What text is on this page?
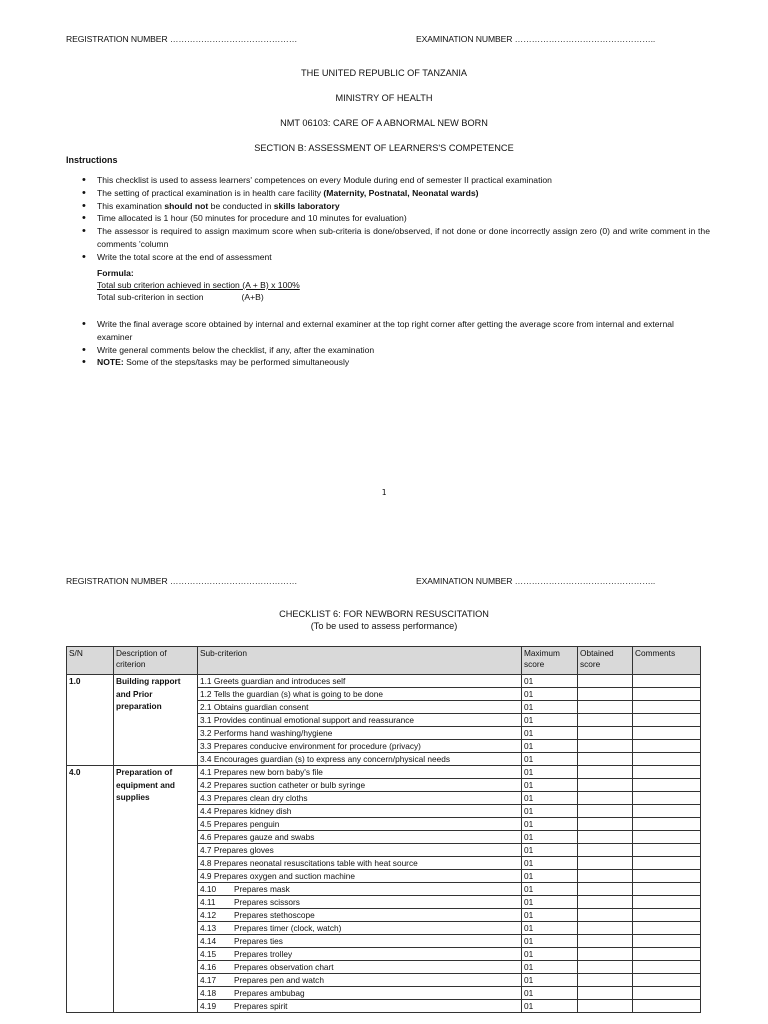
REGISTRATION NUMBER ………………………………………	EXAMINATION NUMBER …………………………………………..
THE UNITED REPUBLIC OF TANZANIA
MINISTRY OF HEALTH
NMT 06103: CARE OF A ABNORMAL NEW BORN
SECTION B: ASSESSMENT OF LEARNERS'S COMPETENCE
Instructions
• This checklist is used to assess learners' competences on every Module during end of semester II practical examination
• The setting of practical examination is in health care facility (Maternity, Postnatal, Neonatal wards)
• This examination should not be conducted in skills laboratory
• Time allocated is 1 hour (50 minutes for procedure and 10 minutes for evaluation)
• The assessor is required to assign maximum score when sub-criteria is done/observed, if not done or done incorrectly assign zero (0) and write comment in the comments 'column
• Write the total score at the end of assessment
Formula:
Total sub criterion achieved in section (A + B) x 100%
Total sub-criterion in section	(A+B)
• Write the final average score obtained by internal and external examiner at the top right corner after getting the average score from internal and external examiner
• Write general comments below the checklist, if any, after the examination
• NOTE: Some of the steps/tasks may be performed simultaneously
1
REGISTRATION NUMBER ………………………………………	EXAMINATION NUMBER …………………………………………..
CHECKLIST 6: FOR NEWBORN RESUSCITATION
(To be used to assess performance)
S/N	Description of criterion	Sub-criterion	Maximum score	Obtained score	Comments
1.0	Building rapport and Prior preparation	1.1 Greets guardian and introduces self	01		
		1.2 Tells the guardian (s) what is going to be done	01		
		2.1 Obtains guardian consent	01		
		3.1 Provides continual emotional support and reassurance	01		
		3.2 Performs hand washing/hygiene	01		
		3.3 Prepares conducive environment for procedure (privacy)	01		
		3.4 Encourages guardian (s) to express any concern/physical needs	01		
4.0	Preparation of equipment and supplies	4.1 Prepares new born baby's file	01		
		4.2 Prepares suction catheter or bulb syringe	01		
		4.3 Prepares clean dry cloths	01		
		4.4 Prepares kidney dish	01		
		4.5 Prepares penguin	01		
		4.6 Prepares gauze and swabs	01		
		4.7 Prepares gloves	01		
		4.8 Prepares neonatal resuscitations table with heat source	01		
		4.9 Prepares oxygen and suction machine	01		
		4.10 Prepares mask	01		
		4.11 Prepares scissors	01		
		4.12 Prepares stethoscope	01		
		4.13 Prepares timer (clock, watch)	01		
		4.14 Prepares ties	01		
		4.15 Prepares trolley	01		
		4.16 Prepares observation chart	01		
		4.17 Prepares pen and watch	01		
		4.18 Prepares ambubag	01		
		4.19 Prepares spirit	01		
